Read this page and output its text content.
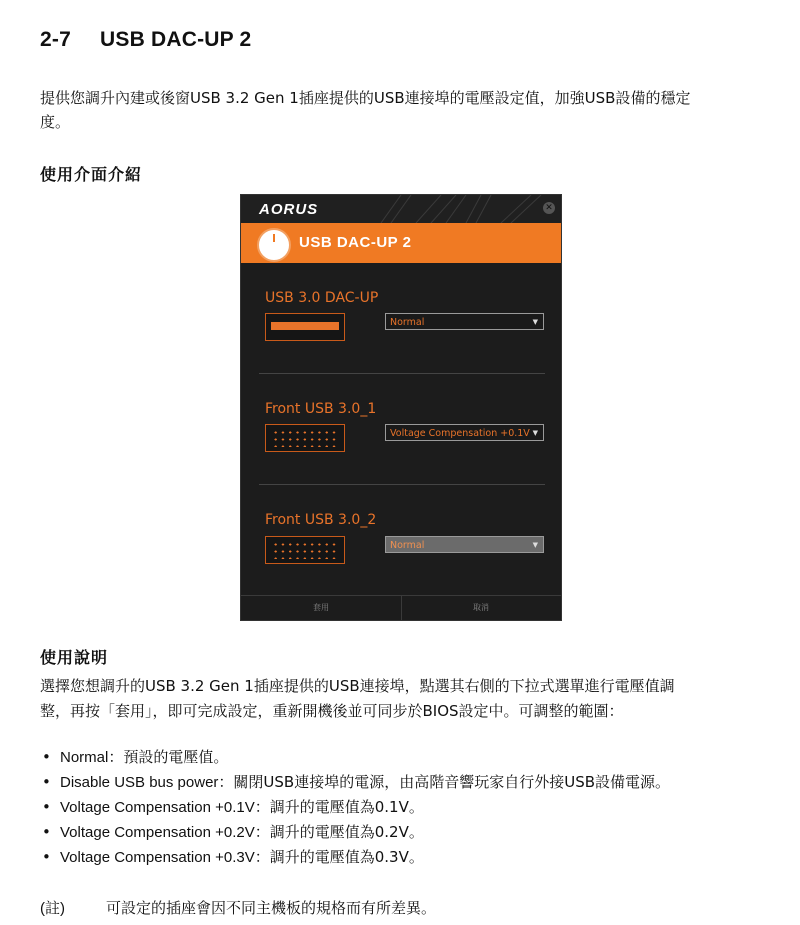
2-7 USB DAC-UP 2
提供您調升內建或後窗USB 3.2 Gen 1插座提供的USB連接埠的電壓設定值，加強USB設備的穩定
度。
使用介面介紹
AORUS	✕
USB DAC-UP 2
USB 3.0 DAC-UP
Normal	▼
Front USB 3.0_1
Voltage Compensation +0.1V ▼
Front USB 3.0_2
Normal	▼
套用	取消
使用說明
選擇您想調升的USB 3.2 Gen 1插座提供的USB連接埠，點選其右側的下拉式選單進行電壓值調
整，再按「套用」，即可完成設定，重新開機後並可同步於BIOS設定中。可調整的範圍：
• Normal：預設的電壓值。
• Disable USB bus power：關閉USB連接埠的電源，由高階音響玩家自行外接USB設備電源。
• Voltage Compensation +0.1V：調升的電壓值為0.1V。
• Voltage Compensation +0.2V：調升的電壓值為0.2V。
• Voltage Compensation +0.3V：調升的電壓值為0.3V。
(註)	可設定的插座會因不同主機板的規格而有所差異。
